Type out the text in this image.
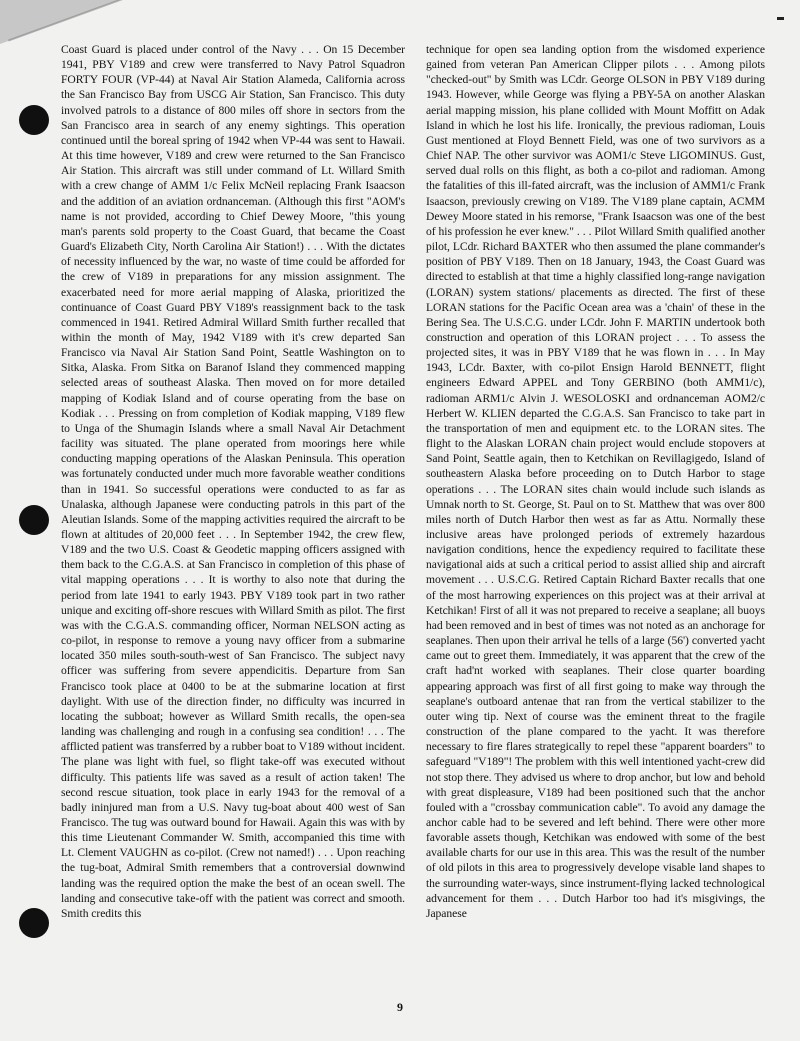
Coast Guard is placed under control of the Navy . . . On 15 December 1941, PBY V189 and crew were transferred to Navy Patrol Squadron FORTY FOUR (VP-44) at Naval Air Station Alameda, California across the San Francisco Bay from USCG Air Station, San Francisco. This duty involved patrols to a distance of 800 miles off shore in sectors from the San Francisco area in search of any enemy sightings. This operation continued until the boreal spring of 1942 when VP-44 was sent to Hawaii. At this time however, V189 and crew were returned to the San Francisco Air Station. This aircraft was still under command of Lt. Willard Smith with a crew change of AMM 1/c Felix McNeil replacing Frank Isaacson and the addition of an aviation ordnanceman. (Although this first "AOM's name is not provided, according to Chief Dewey Moore, "this young man's parents sold property to the Coast Guard, that became the Coast Guard's Elizabeth City, North Carolina Air Station!) . . . With the dictates of necessity influenced by the war, no waste of time could be afforded for the crew of V189 in preparations for any mission assignment. The exacerbated need for more aerial mapping of Alaska, prioritized the continuance of Coast Guard PBY V189's reassignment back to the task commenced in 1941. Retired Admiral Willard Smith further recalled that within the month of May, 1942 V189 with it's crew departed San Francisco via Naval Air Station Sand Point, Seattle Washington on to Sitka, Alaska. From Sitka on Baranof Island they commenced mapping selected areas of southeast Alaska. Then moved on for more detailed mapping of Kodiak Island and of course operating from the base on Kodiak . . . Pressing on from completion of Kodiak mapping, V189 flew to Unga of the Shumagin Islands where a small Naval Air Detachment facility was situated. The plane operated from moorings here while conducting mapping operations of the Alaskan Peninsula. This operation was fortunately conducted under much more favorable weather conditions than in 1941. So successful operations were conducted to as far as Unalaska, although Japanese were conducting patrols in this part of the Aleutian Islands. Some of the mapping activities required the aircraft to be flown at altitudes of 20,000 feet . . . In September 1942, the crew flew, V189 and the two U.S. Coast & Geodetic mapping officers assigned with them back to the C.G.A.S. at San Francisco in completion of this phase of vital mapping operations . . . It is worthy to also note that during the period from late 1941 to early 1943. PBY V189 took part in two rather unique and exciting off-shore rescues with Willard Smith as pilot. The first was with the C.G.A.S. commanding officer, Norman NELSON acting as co-pilot, in response to remove a young navy officer from a submarine located 350 miles south-south-west of San Francisco. The subject navy officer was suffering from severe appendicitis. Departure from San Francisco took place at 0400 to be at the submarine location at first daylight. With use of the direction finder, no difficulty was incurred in locating the subboat; however as Willard Smith recalls, the open-sea landing was challenging and rough in a confusing sea condition! . . . The afflicted patient was transferred by a rubber boat to V189 without incident. The plane was light with fuel, so flight take-off was executed without difficulty. This patients life was saved as a result of action taken! The second rescue situation, took place in early 1943 for the removal of a badly ininjured man from a U.S. Navy tug-boat about 400 west of San Francisco. The tug was outward bound for Hawaii. Again this was with by this time Lieutenant Commander W. Smith, accompanied this time with Lt. Clement VAUGHN as co-pilot. (Crew not named!) . . . Upon reaching the tug-boat, Admiral Smith remembers that a controversial downwind landing was the required option the make the best of an ocean swell. The landing and consecutive take-off with the patient was correct and smooth. Smith credits this

technique for open sea landing option from the wisdomed experience gained from veteran Pan American Clipper pilots . . . Among pilots "checked-out" by Smith was LCdr. George OLSON in PBY V189 during 1943. However, while George was flying a PBY-5A on another Alaskan aerial mapping mission, his plane collided with Mount Moffitt on Adak Island in which he lost his life. Ironically, the previous radioman, Louis Gust mentioned at Floyd Bennett Field, was one of two survivors as a Chief NAP. The other survivor was AOM1/c Steve LIGOMINUS. Gust, served dual rolls on this flight, as both a co-pilot and radioman. Among the fatalities of this ill-fated aircraft, was the inclusion of AMM1/c Frank Isaacson, previously crewing on V189. The V189 plane captain, ACMM Dewey Moore stated in his remorse, "Frank Isaacson was one of the best of his profession he ever knew." . . . Pilot Willard Smith qualified another pilot, LCdr. Richard BAXTER who then assumed the plane commander's position of PBY V189. Then on 18 January, 1943, the Coast Guard was directed to establish at that time a highly classified long-range navigation (LORAN) system stations/ placements as directed. The first of these LORAN stations for the Pacific Ocean area was a 'chain' of these in the Bering Sea. The U.S.C.G. under LCdr. John F. MARTIN undertook both construction and operation of this LORAN project . . . To assess the projected sites, it was in PBY V189 that he was flown in . . . In May 1943, LCdr. Baxter, with co-pilot Ensign Harold BENNETT, flight engineers Edward APPEL and Tony GERBINO (both AMM1/c), radioman ARM1/c Alvin J. WESOLOSKI and ordnanceman AOM2/c Herbert W. KLIEN departed the C.G.A.S. San Francisco to take part in the transportation of men and equipment etc. to the LORAN sites. The flight to the Alaskan LORAN chain project would enclude stopovers at Sand Point, Seattle again, then to Ketchikan on Revillagigedo, Island of southeastern Alaska before proceeding on to Dutch Harbor to stage operations . . . The LORAN sites chain would include such islands as Umnak north to St. George, St. Paul on to St. Matthew that was over 800 miles north of Dutch Harbor then west as far as Attu. Normally these inclusive areas have prolonged periods of extremely hazardous navigation conditions, hence the expediency required to facilitate these navigational aids at such a critical period to assist allied ship and aircraft movement . . . U.S.C.G. Retired Captain Richard Baxter recalls that one of the most harrowing experiences on this project was at their arrival at Ketchikan! First of all it was not prepared to receive a seaplane; all buoys had been removed and in best of times was not noted as an anchorage for seaplanes. Then upon their arrival he tells of a large (56') converted yacht came out to greet them. Immediately, it was apparent that the crew of the craft had'nt worked with seaplanes. Their close quarter boarding appearing approach was first of all first going to make way through the seaplane's outboard antenae that ran from the vertical stabilizer to the outer wing tip. Next of course was the eminent threat to the fragile construction of the plane compared to the yacht. It was therefore necessary to fire flares strategically to repel these "apparent boarders" to safeguard "V189"! The problem with this well intentioned yacht-crew did not stop there. They advised us where to drop anchor, but low and behold with great displeasure, V189 had been positioned such that the anchor fouled with a "crossbay communication cable". To avoid any damage the anchor cable had to be severed and left behind. There were other more favorable assets though, Ketchikan was endowed with some of the best available charts for our use in this area. This was the result of the number of old pilots in this area to progressively develope visable land shapes to the surrounding water-ways, since instrument-flying lacked technological advancement for them . . . Dutch Harbor too had it's misgivings, the Japanese

9
